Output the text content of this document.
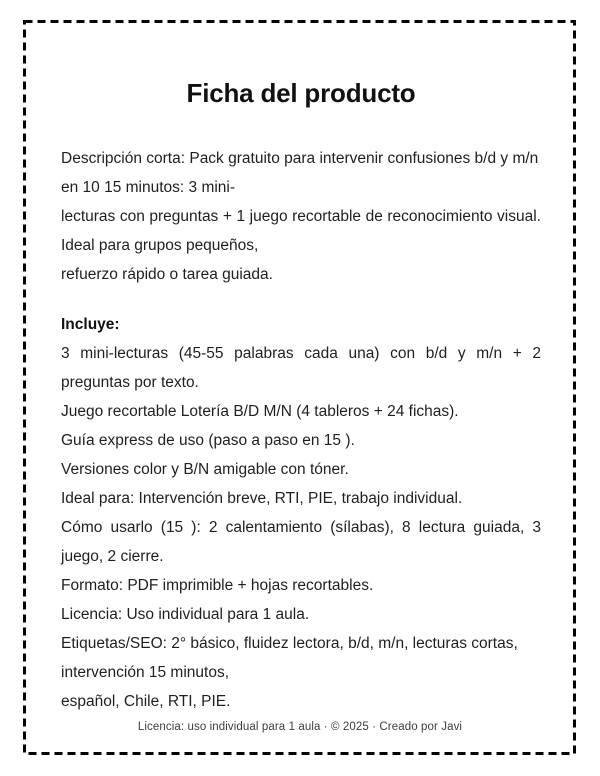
Ficha del producto

Descripción corta: Pack gratuito para intervenir confusiones b/d y m/n en 10 15 minutos: 3 mini-

lecturas con preguntas + 1 juego recortable de reconocimiento visual. Ideal para grupos pequeños,

refuerzo rápido o tarea guiada.

Incluye:
3 mini-lecturas (45-55 palabras cada una) con b/d y m/n + 2 preguntas por texto.
Juego recortable Lotería B/D M/N (4 tableros + 24 fichas).
Guía express de uso (paso a paso en 15 ).
Versiones color y B/N amigable con tóner.
Ideal para: Intervención breve, RTI, PIE, trabajo individual.
Cómo usarlo (15 ): 2 calentamiento (sílabas), 8 lectura guiada, 3 juego, 2 cierre.
Formato: PDF imprimible + hojas recortables.
Licencia: Uso individual para 1 aula.
Etiquetas/SEO: 2° básico, fluidez lectora, b/d, m/n, lecturas cortas, intervención 15 minutos,
español, Chile, RTI, PIE.
Licencia: uso individual para 1 aula · © 2025 · Creado por Javi
